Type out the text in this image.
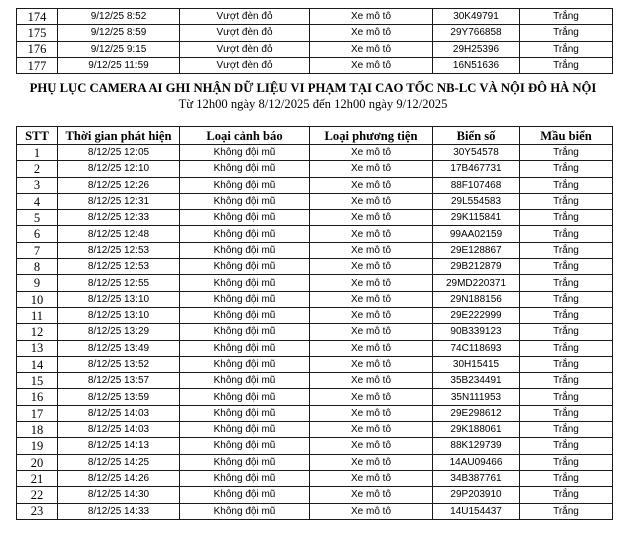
174	9/12/25 8:52	Vượt đèn đỏ	Xe mô tô	30K49791	Trắng
175	9/12/25 8:59	Vượt đèn đỏ	Xe mô tô	29Y766858	Trắng
176	9/12/25 9:15	Vượt đèn đỏ	Xe mô tô	29H25396	Trắng
177	9/12/25 11:59	Vượt đèn đỏ	Xe mô tô	16N51636	Trắng
PHỤ LỤC CAMERA AI GHI NHẬN DỮ LIỆU VI PHẠM TẠI CAO TỐC NB-LC VÀ NỘI ĐÔ HÀ NỘI
Từ 12h00 ngày 8/12/2025 đến 12h00 ngày 9/12/2025
STT	Thời gian phát hiện	Loại cảnh báo	Loại phương tiện	Biển số	Mầu biển
1	8/12/25 12:05	Không đội mũ	Xe mô tô	30Y54578	Trắng
2	8/12/25 12:10	Không đội mũ	Xe mô tô	17B467731	Trắng
3	8/12/25 12:26	Không đội mũ	Xe mô tô	88F107468	Trắng
4	8/12/25 12:31	Không đội mũ	Xe mô tô	29L554583	Trắng
5	8/12/25 12:33	Không đội mũ	Xe mô tô	29K115841	Trắng
6	8/12/25 12:48	Không đội mũ	Xe mô tô	99AA02159	Trắng
7	8/12/25 12:53	Không đội mũ	Xe mô tô	29E128867	Trắng
8	8/12/25 12:53	Không đội mũ	Xe mô tô	29B212879	Trắng
9	8/12/25 12:55	Không đội mũ	Xe mô tô	29MD220371	Trắng
10	8/12/25 13:10	Không đội mũ	Xe mô tô	29N188156	Trắng
11	8/12/25 13:10	Không đội mũ	Xe mô tô	29E222999	Trắng
12	8/12/25 13:29	Không đội mũ	Xe mô tô	90B339123	Trắng
13	8/12/25 13:49	Không đội mũ	Xe mô tô	74C118693	Trắng
14	8/12/25 13:52	Không đội mũ	Xe mô tô	30H15415	Trắng
15	8/12/25 13:57	Không đội mũ	Xe mô tô	35B234491	Trắng
16	8/12/25 13:59	Không đội mũ	Xe mô tô	35N111953	Trắng
17	8/12/25 14:03	Không đội mũ	Xe mô tô	29E298612	Trắng
18	8/12/25 14:03	Không đội mũ	Xe mô tô	29K188061	Trắng
19	8/12/25 14:13	Không đội mũ	Xe mô tô	88K129739	Trắng
20	8/12/25 14:25	Không đội mũ	Xe mô tô	14AU09466	Trắng
21	8/12/25 14:26	Không đội mũ	Xe mô tô	34B387761	Trắng
22	8/12/25 14:30	Không đội mũ	Xe mô tô	29P203910	Trắng
23	8/12/25 14:33	Không đội mũ	Xe mô tô	14U154437	Trắng
